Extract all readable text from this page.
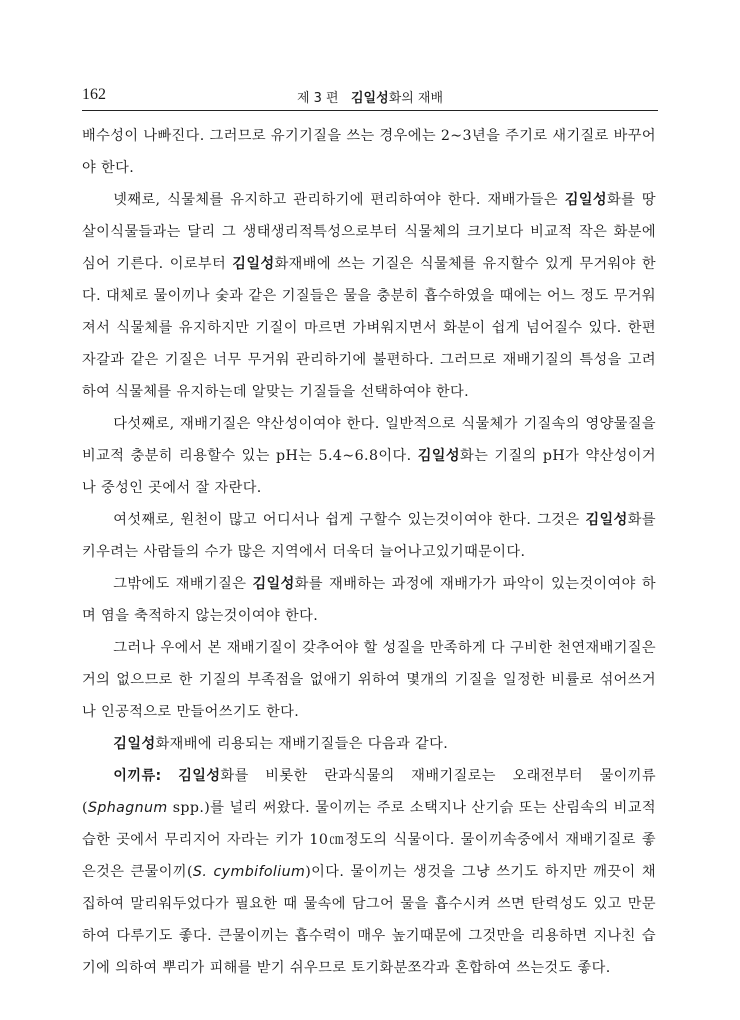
162	제 3 편 김일성화의 재배

배수성이 나빠진다. 그러므로 유기기질을 쓰는 경우에는 2∼3년을 주기로 새기질로 바꾸어야 한다.

넷째로, 식물체를 유지하고 관리하기에 편리하여야 한다. 재배가들은 김일성화를 땅살이식물들과는 달리 그 생태생리적특성으로부터 식물체의 크기보다 비교적 작은 화분에 심어 기른다. 이로부터 김일성화재배에 쓰는 기질은 식물체를 유지할수 있게 무거워야 한다. 대체로 물이끼나 숯과 같은 기질들은 물을 충분히 흡수하였을 때에는 어느 정도 무거워져서 식물체를 유지하지만 기질이 마르면 가벼워지면서 화분이 쉽게 넘어질수 있다. 한편 자갈과 같은 기질은 너무 무거워 관리하기에 불편하다. 그러므로 재배기질의 특성을 고려하여 식물체를 유지하는데 알맞는 기질들을 선택하여야 한다.

다섯째로, 재배기질은 약산성이여야 한다. 일반적으로 식물체가 기질속의 영양물질을 비교적 충분히 리용할수 있는 pH는 5.4∼6.8이다. 김일성화는 기질의 pH가 약산성이거나 중성인 곳에서 잘 자란다.

여섯째로, 원천이 많고 어디서나 쉽게 구할수 있는것이여야 한다. 그것은 김일성화를 키우려는 사람들의 수가 많은 지역에서 더욱더 늘어나고있기때문이다.

그밖에도 재배기질은 김일성화를 재배하는 과정에 재배가가 파악이 있는것이여야 하며 염을 축적하지 않는것이여야 한다.

그러나 우에서 본 재배기질이 갖추어야 할 성질을 만족하게 다 구비한 천연재배기질은 거의 없으므로 한 기질의 부족점을 없애기 위하여 몇개의 기질을 일정한 비률로 섞어쓰거나 인공적으로 만들어쓰기도 한다.

김일성화재배에 리용되는 재배기질들은 다음과 같다.

이끼류: 김일성화를 비롯한 란과식물의 재배기질로는 오래전부터 물이끼류(Sphagnum spp.)를 널리 써왔다. 물이끼는 주로 소택지나 산기슭 또는 산림속의 비교적 습한 곳에서 무리지어 자라는 키가 10㎝정도의 식물이다. 물이끼속중에서 재배기질로 좋은것은 큰물이끼(S. cymbifolium)이다. 물이끼는 생것을 그냥 쓰기도 하지만 깨끗이 채집하여 말리워두었다가 필요한 때 물속에 담그어 물을 흡수시켜 쓰면 탄력성도 있고 만문하여 다루기도 좋다. 큰물이끼는 흡수력이 매우 높기때문에 그것만을 리용하면 지나친 습기에 의하여 뿌리가 피해를 받기 쉬우므로 토기화분쪼각과 혼합하여 쓰는것도 좋다.
